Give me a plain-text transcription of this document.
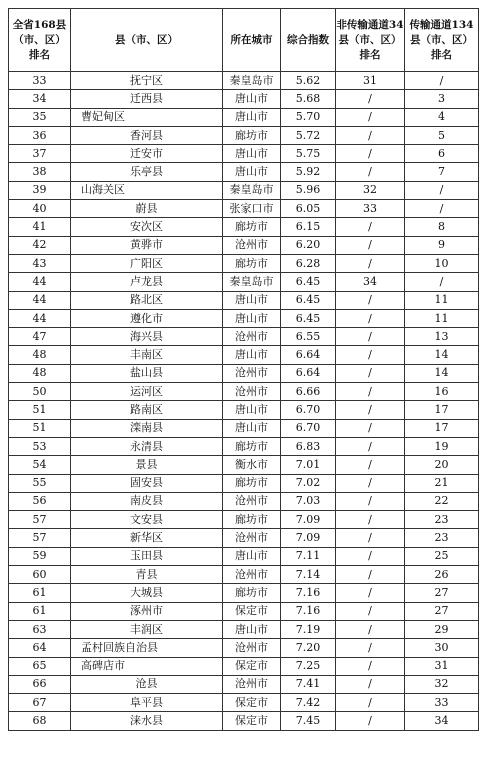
全省168县（市、区）排名	县（市、区）	所在城市	综合指数	非传输通道34县（市、区）排名	传输通道134县（市、区）排名
33	抚宁区	秦皇岛市	5.62	31	/
34	迁西县	唐山市	5.68	/	3
35	曹妃甸区	唐山市	5.70	/	4
36	香河县	廊坊市	5.72	/	5
37	迁安市	唐山市	5.75	/	6
38	乐亭县	唐山市	5.92	/	7
39	山海关区	秦皇岛市	5.96	32	/
40	蔚县	张家口市	6.05	33	/
41	安次区	廊坊市	6.15	/	8
42	黄骅市	沧州市	6.20	/	9
43	广阳区	廊坊市	6.28	/	10
44	卢龙县	秦皇岛市	6.45	34	/
44	路北区	唐山市	6.45	/	11
44	遵化市	唐山市	6.45	/	11
47	海兴县	沧州市	6.55	/	13
48	丰南区	唐山市	6.64	/	14
48	盐山县	沧州市	6.64	/	14
50	运河区	沧州市	6.66	/	16
51	路南区	唐山市	6.70	/	17
51	滦南县	唐山市	6.70	/	17
53	永清县	廊坊市	6.83	/	19
54	景县	衡水市	7.01	/	20
55	固安县	廊坊市	7.02	/	21
56	南皮县	沧州市	7.03	/	22
57	文安县	廊坊市	7.09	/	23
57	新华区	沧州市	7.09	/	23
59	玉田县	唐山市	7.11	/	25
60	青县	沧州市	7.14	/	26
61	大城县	廊坊市	7.16	/	27
61	涿州市	保定市	7.16	/	27
63	丰润区	唐山市	7.19	/	29
64	孟村回族自治县	沧州市	7.20	/	30
65	高碑店市	保定市	7.25	/	31
66	沧县	沧州市	7.41	/	32
67	阜平县	保定市	7.42	/	33
68	涞水县	保定市	7.45	/	34
